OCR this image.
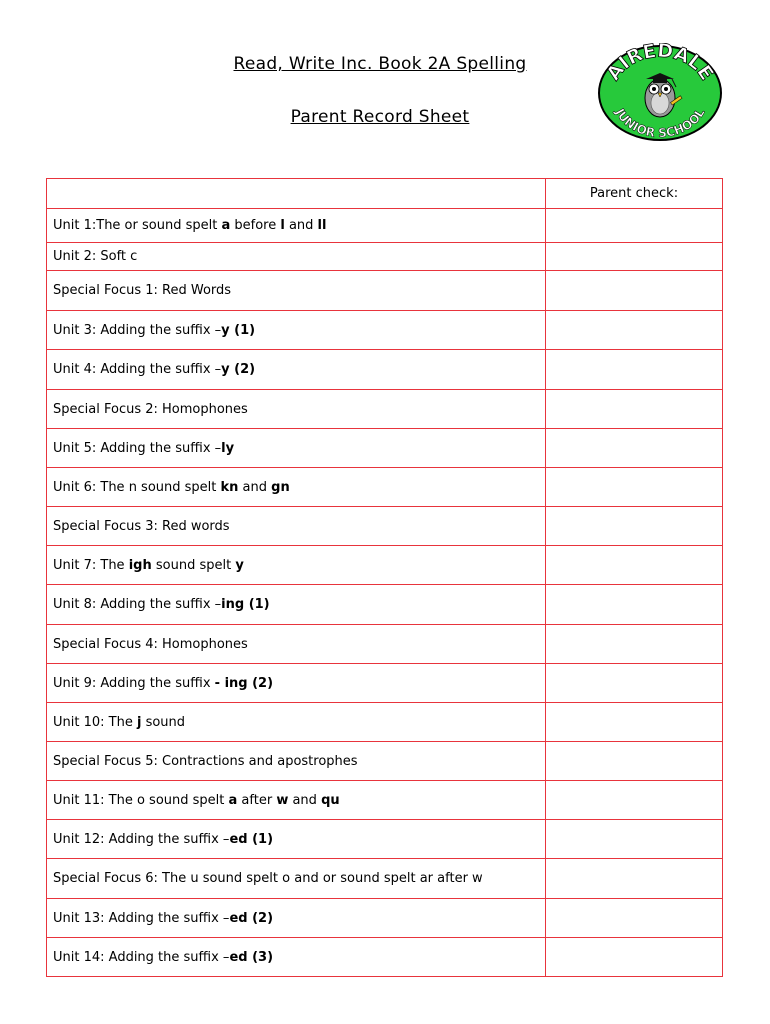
Read, Write Inc. Book 2A Spelling
Parent Record Sheet
AIREDALE
JUNIOR SCHOOL
	Parent check:
Unit 1:The or sound spelt a before l and ll	
Unit 2: Soft c	
Special Focus 1: Red Words	
Unit 3: Adding the suffix –y (1)	
Unit 4: Adding the suffix –y (2)	
Special Focus 2: Homophones	
Unit 5: Adding the suffix –ly	
Unit 6: The n sound spelt kn and gn	
Special Focus 3: Red words	
Unit 7: The igh sound spelt y	
Unit 8: Adding the suffix –ing (1)	
Special Focus 4: Homophones	
Unit 9: Adding the suffix - ing (2)	
Unit 10: The j sound	
Special Focus 5: Contractions and apostrophes	
Unit 11: The o sound spelt a after w and qu	
Unit 12: Adding the suffix –ed (1)	
Special Focus 6: The u sound spelt o and or sound spelt ar after w	
Unit 13: Adding the suffix –ed (2)	
Unit 14: Adding the suffix –ed (3)	
